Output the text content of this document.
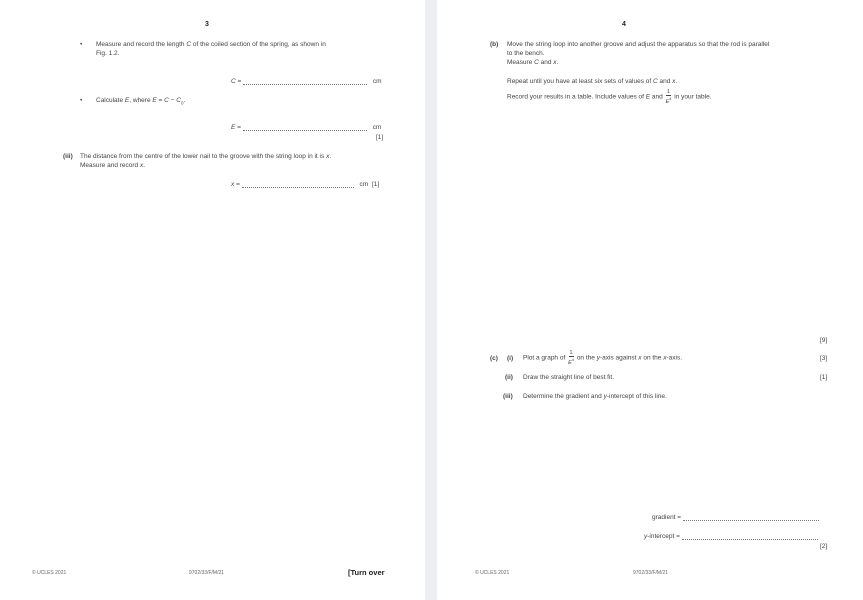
3
• Measure and record the length C of the coiled section of the spring, as shown in
Fig. 1.2.
C =	cm
• Calculate E, where $E = C - C_0$.
E =	cm
[1]
(iii) The distance from the centre of the lower nail to the groove with the string loop in it is x.
Measure and record x.
x =	cm [1]
© UCLES 2021	9702/33/F/M/21	[Turn over
4
(b) Move the string loop into another groove and adjust the apparatus so that the rod is parallel
to the bench.
Measure C and x.
Repeat until you have at least six sets of values of C and x.
Record your results in a table. Include values of E and $\frac{1}{E^4}$ in your table.
[9]
(c) (i) Plot a graph of $\frac{1}{E^4}$ on the y-axis against x on the x-axis.	[3]
(ii) Draw the straight line of best fit.	[1]
(iii) Determine the gradient and y-intercept of this line.
gradient =
y-intercept =
[2]
© UCLES 2021	9702/33/F/M/21
